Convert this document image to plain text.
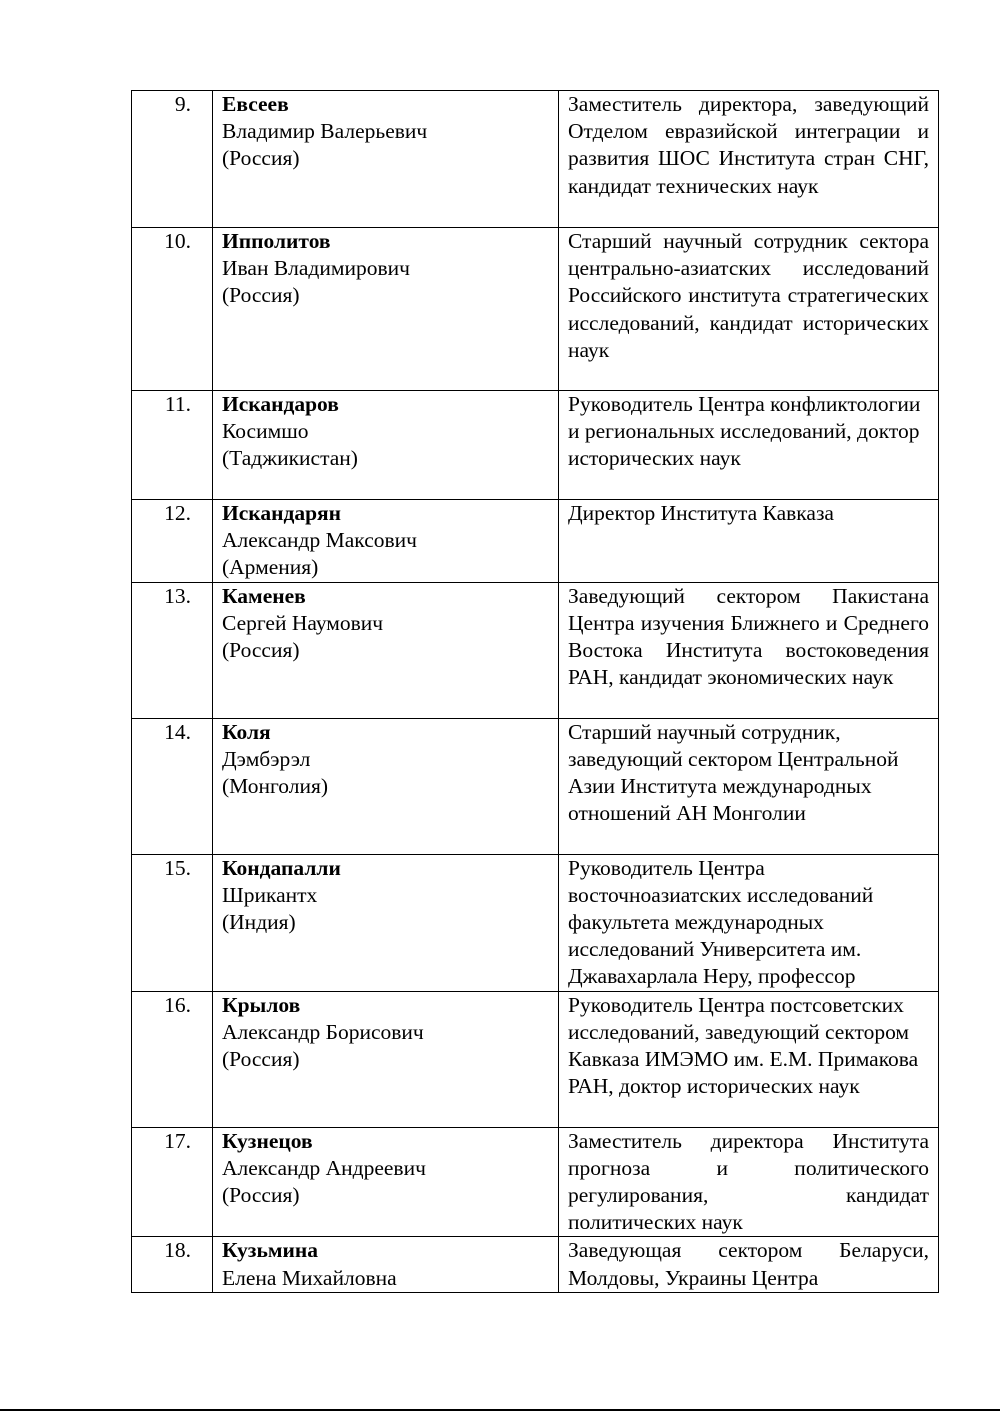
9.	Евсеев
Владимир Валерьевич
(Россия)	Заместитель директора, заведующий Отделом евразийской интеграции и развития ШОС Института стран СНГ, кандидат технических наук
10.	Ипполитов
Иван Владимирович
(Россия)	Старший научный сотрудник сектора центрально-азиатских исследований Российского института стратегических исследований, кандидат исторических наук
11.	Искандаров
Косимшо
(Таджикистан)	Руководитель Центра конфликтологии и региональных исследований, доктор исторических наук
12.	Искандарян
Александр Максович
(Армения)	Директор Института Кавказа
13.	Каменев
Сергей Наумович
(Россия)	Заведующий сектором Пакистана Центра изучения Ближнего и Среднего Востока Института востоковедения РАН, кандидат экономических наук
14.	Коля
Дэмбэрэл
(Монголия)	Старший научный сотрудник, заведующий сектором Центральной Азии Института международных отношений АН Монголии
15.	Кондапалли
Шрикантх
(Индия)	Руководитель Центра восточноазиатских исследований факультета международных исследований Университета им. Джавахарлала Неру, профессор
16.	Крылов
Александр Борисович
(Россия)	Руководитель Центра постсоветских исследований, заведующий сектором Кавказа ИМЭМО им. Е.М. Примакова РАН, доктор исторических наук
17.	Кузнецов
Александр Андреевич
(Россия)	Заместитель директора Института прогноза и политического регулирования, кандидат политических наук
18.	Кузьмина
Елена Михайловна	Заведующая сектором Беларуси, Молдовы, Украины Центра
